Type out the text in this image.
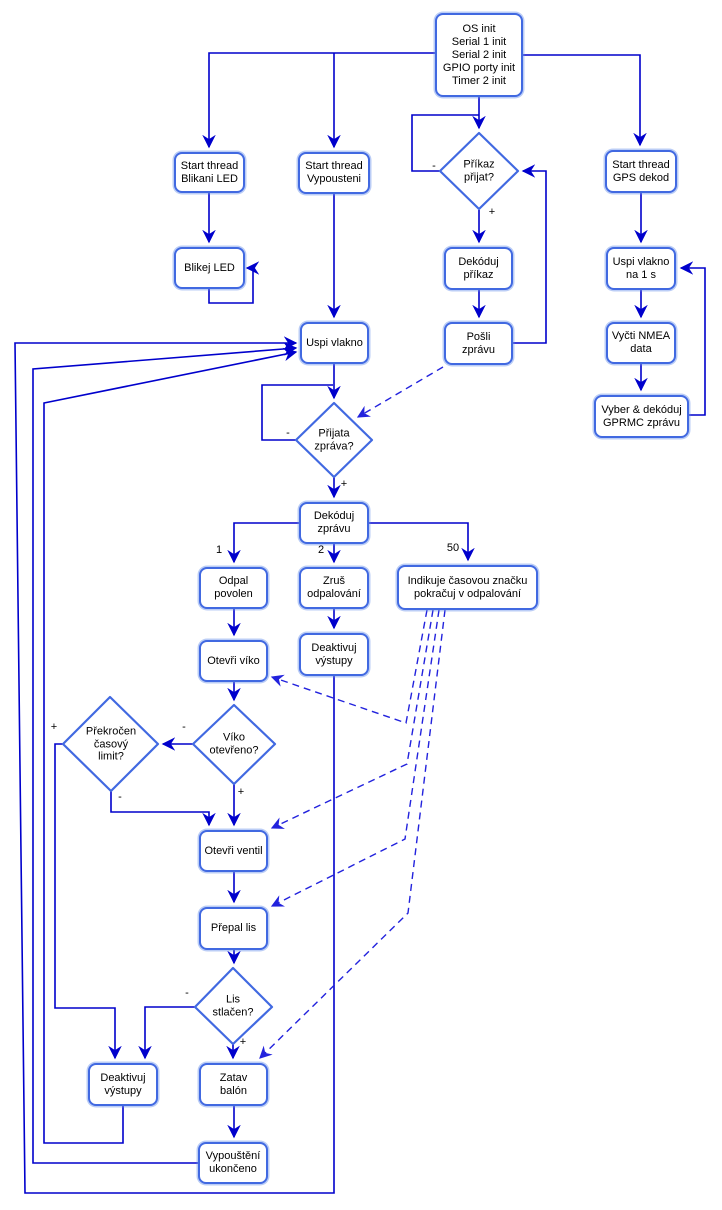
OS init
Serial 1 init
Serial 2 init
GPIO porty init
Timer 2 init
Start thread
Blikani LED
Start thread
Vypousteni
Start thread
GPS dekod
Blikej LED	Dekóduj
příkaz
Pošli
zprávu
Uspi vlakno
Uspi vlakno
na 1 s
Vyčti NMEA
data
Vyber & dekóduj
GPRMC zprávu
Dekóduj
zprávu
Odpal
povolen
Zruš
odpalování
Indikuje časovou značku
pokračuj v odpalování
Otevři víko
Deaktivuj
výstupy
Otevři ventil
Přepal lis
Zatav
balón
Deaktivuj
výstupy
Vypouštění
ukončeno
Příkaz
přijat?
Přijata
zpráva?
Víko
otevřeno?
Překročen
časový
limit?
Lis
stlačen?
-
+
-
+
1	2	50
-
+
+
-
-
+
